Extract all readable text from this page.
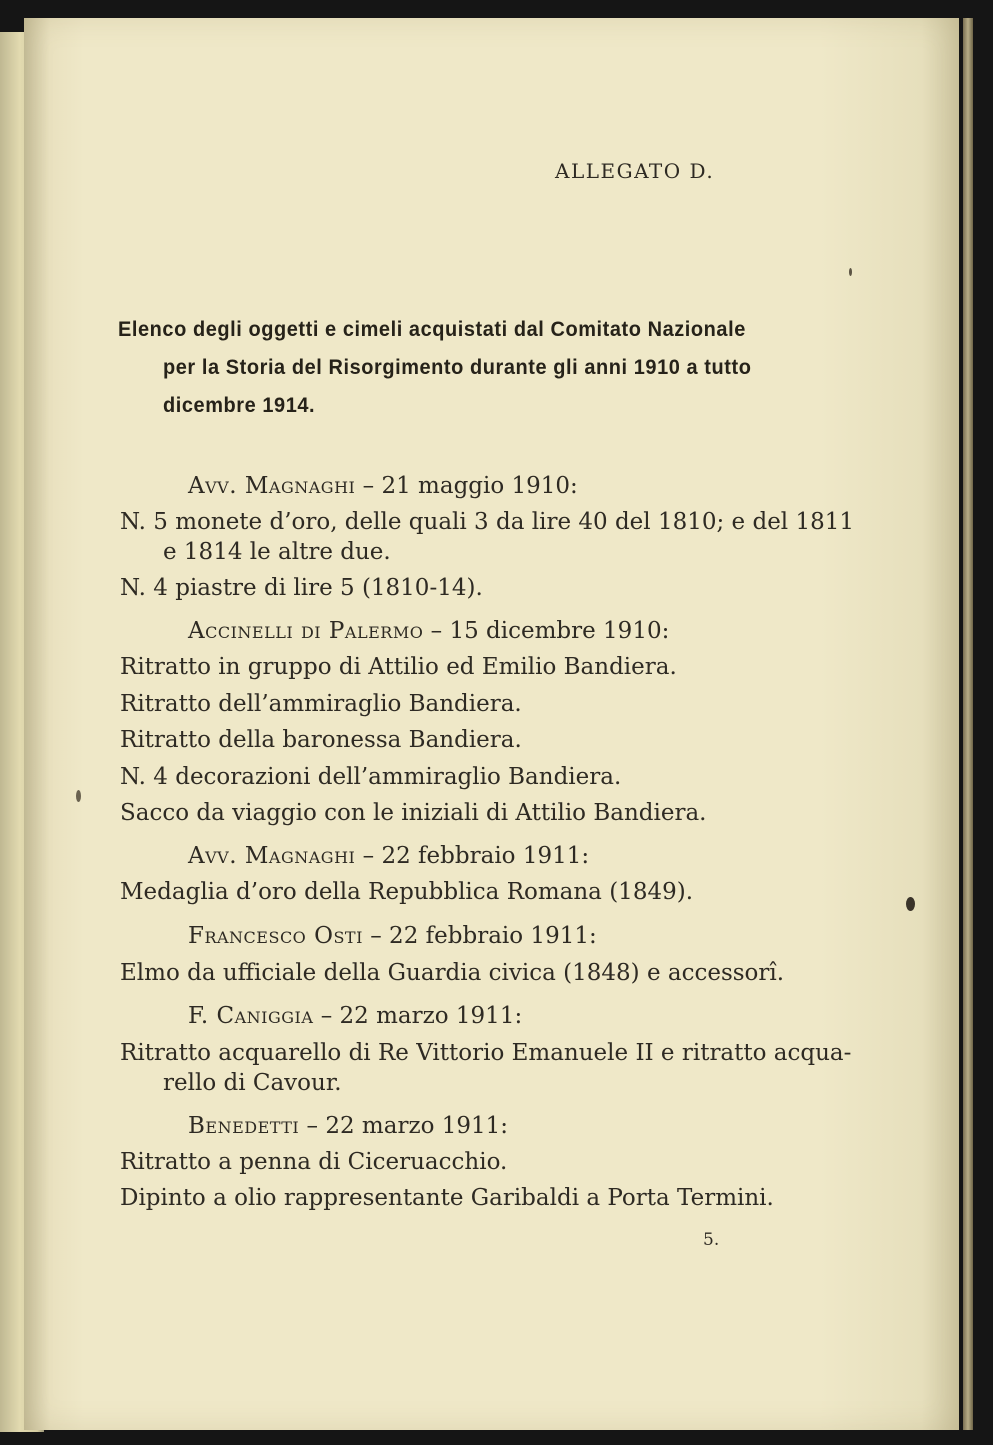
ALLEGATO D.
Elenco degli oggetti e cimeli acquistati dal Comitato Nazionale
per la Storia del Risorgimento durante gli anni 1910 a tutto
dicembre 1914.
Avv. Magnaghi – 21 maggio 1910:
N. 5 monete d’oro, delle quali 3 da lire 40 del 1810; e del 1811
e 1814 le altre due.
N. 4 piastre di lire 5 (1810-14).
Accinelli di Palermo – 15 dicembre 1910:
Ritratto in gruppo di Attilio ed Emilio Bandiera.
Ritratto dell’ammiraglio Bandiera.
Ritratto della baronessa Bandiera.
N. 4 decorazioni dell’ammiraglio Bandiera.
Sacco da viaggio con le iniziali di Attilio Bandiera.
Avv. Magnaghi – 22 febbraio 1911:
Medaglia d’oro della Repubblica Romana (1849).
Francesco Osti – 22 febbraio 1911:
Elmo da ufficiale della Guardia civica (1848) e accessorî.
F. Caniggia – 22 marzo 1911:
Ritratto acquarello di Re Vittorio Emanuele II e ritratto acqua-
rello di Cavour.
Benedetti – 22 marzo 1911:
Ritratto a penna di Ciceruacchio.
Dipinto a olio rappresentante Garibaldi a Porta Termini.
5.
